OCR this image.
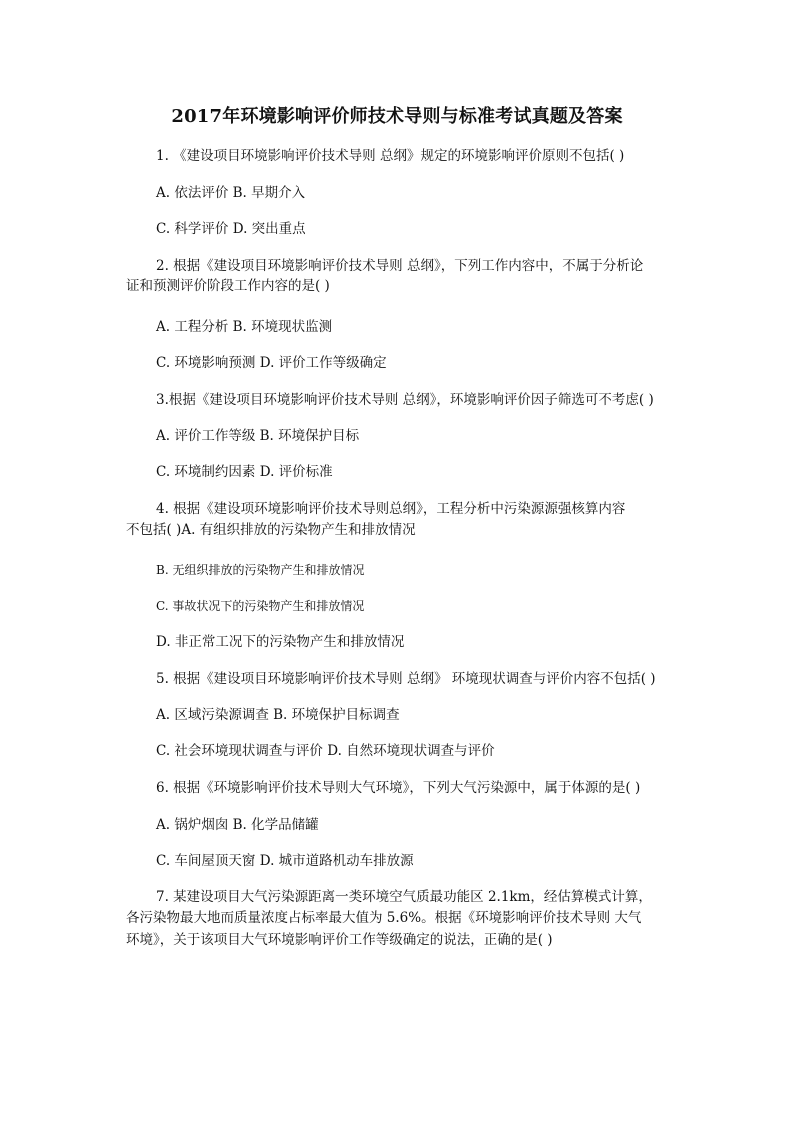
2017年环境影响评价师技术导则与标准考试真题及答案
1. 《建设项目环境影响评价技术导则 总纲》规定的环境影响评价原则不包括( )
A. 依法评价 B. 早期介入
C. 科学评价 D. 突出重点
2. 根据《建设项目环境影响评价技术导则 总纲》，下列工作内容中，不属于分析论
证和预测评价阶段工作内容的是( )
A. 工程分析 B. 环境现状监测
C. 环境影响预测 D. 评价工作等级确定
3.根据《建设项目环境影响评价技术导则 总纲》，环境影响评价因子筛选可不考虑( )
A. 评价工作等级 B. 环境保护目标
C. 环境制约因素 D. 评价标准
4. 根据《建设项环境影响评价技术导则总纲》，工程分析中污染源源强核算内容
不包括( )A. 有组织排放的污染物产生和排放情况
B. 无组织排放的污染物产生和排放情况
C. 事故状况下的污染物产生和排放情况
D. 非正常工况下的污染物产生和排放情况
5. 根据《建设项目环境影响评价技术导则 总纲》 环境现状调查与评价内容不包括( )
A. 区域污染源调查 B. 环境保护目标调查
C. 社会环境现状调查与评价 D. 自然环境现状调查与评价
6. 根据《环境影响评价技术导则大气环境》，下列大气污染源中，属于体源的是( )
A. 锅炉烟囱 B. 化学品储罐
C. 车间屋顶天窗 D. 城市道路机动车排放源
7. 某建设项目大气污染源距离一类环境空气质最功能区 2.1km，经估算模式计算，
各污染物最大地而质量浓度占标率最大值为 5.6%。根据《环境影响评价技术导则 大气
环境》，关于该项目大气环境影响评价工作等级确定的说法，正确的是( )
